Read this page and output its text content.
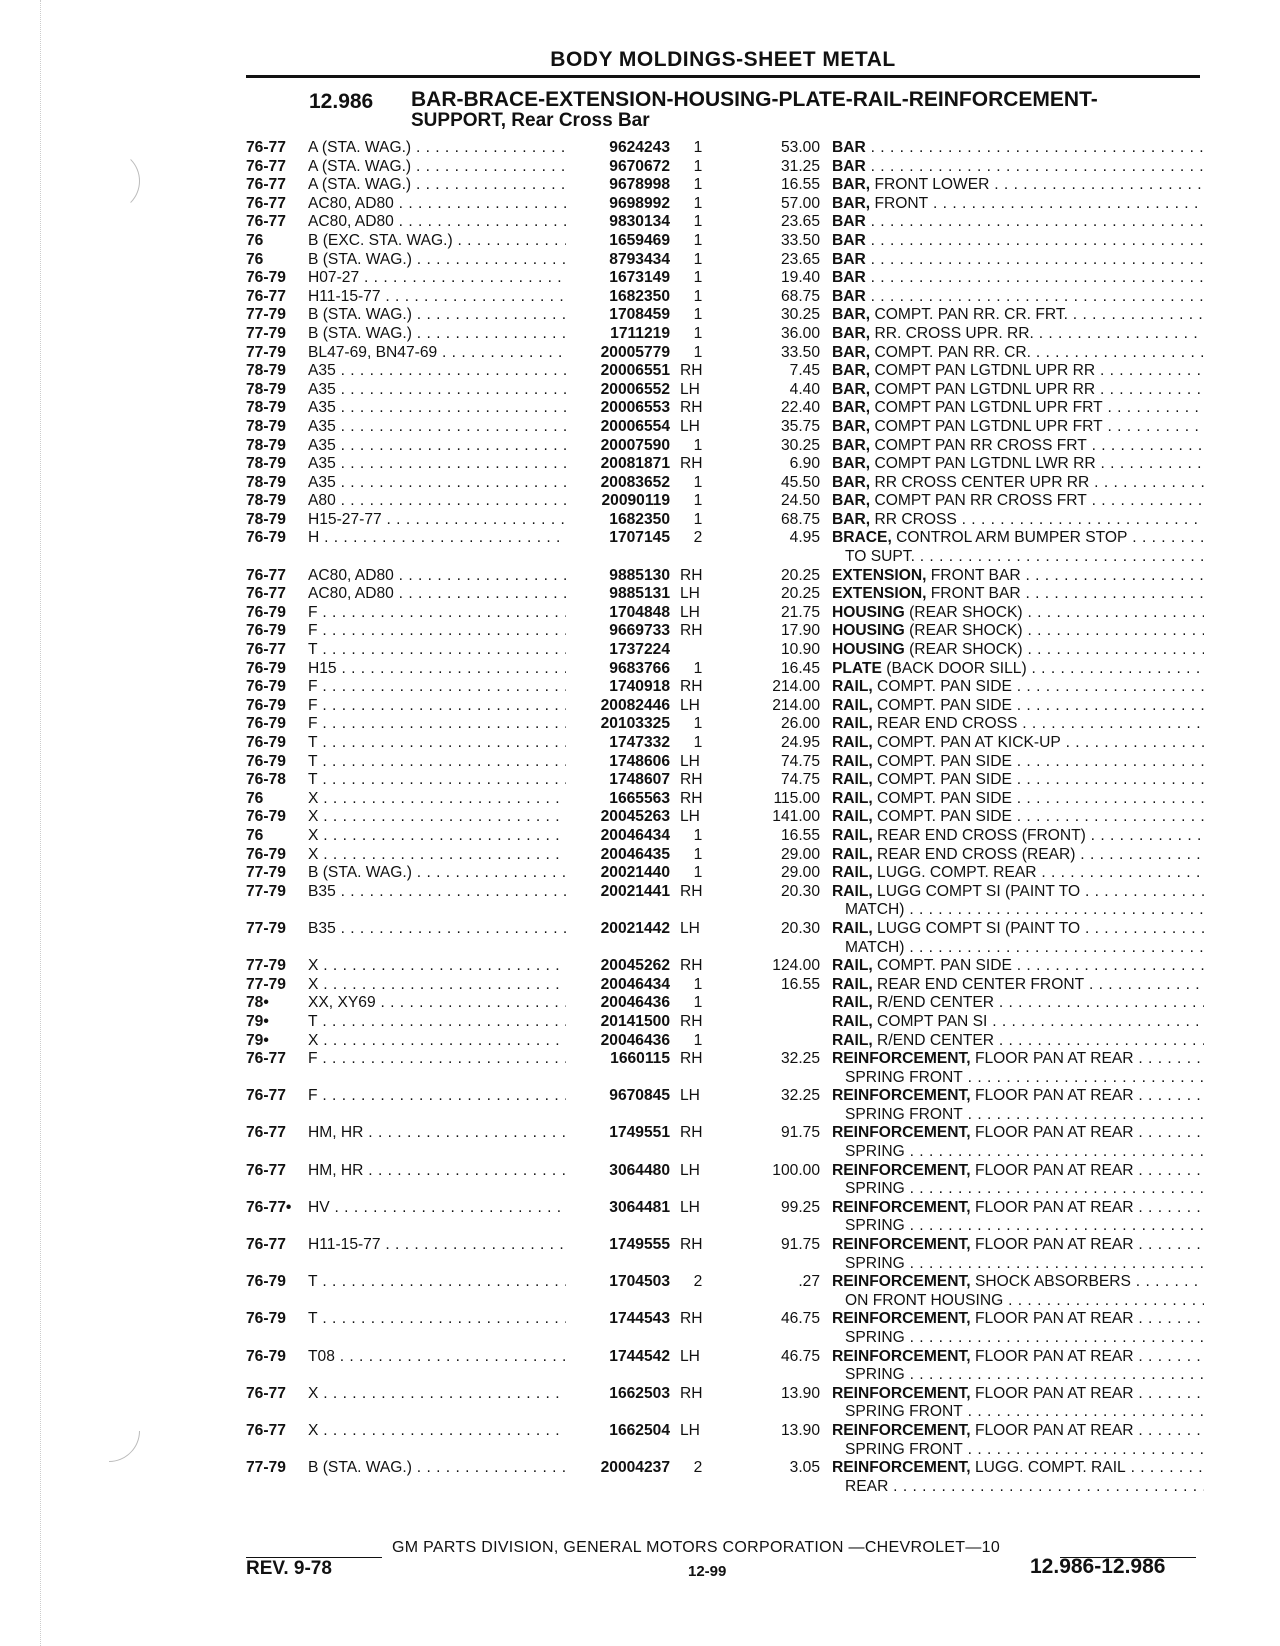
BODY MOLDINGS-SHEET METAL
12.986 BAR-BRACE-EXTENSION-HOUSING-PLATE-RAIL-REINFORCEMENT-
SUPPORT, Rear Cross Bar
76-77 A (STA. WAG.) . . .	9624243	1	53.00 BAR . . .
76-77 A (STA. WAG.) . . .	9670672	1	31.25 BAR . . .
76-77 A (STA. WAG.) . . .	9678998	1	16.55 BAR, FRONT LOWER . . .
76-77 AC80, AD80 . . .	9698992	1	57.00 BAR, FRONT . . .
76-77 AC80, AD80 . . .	9830134	1	23.65 BAR . . .
76	B (EXC. STA. WAG.) . . .	1659469	1	33.50 BAR . . .
76	B (STA. WAG.) . . .	8793434	1	23.65 BAR . . .
76-79 H07-27 . . .	1673149	1	19.40 BAR . . .
76-77 H11-15-77 . . .	1682350	1	68.75 BAR . . .
77-79 B (STA. WAG.) . . .	1708459	1	30.25 BAR, COMPT. PAN RR. CR. FRT. . . .
77-79 B (STA. WAG.) . . .	1711219	1	36.00 BAR, RR. CROSS UPR. RR. . . .
77-79 BL47-69, BN47-69 . . .	20005779	1	33.50 BAR, COMPT. PAN RR. CR. . . .
78-79 A35 . . .	20006551 RH	7.45 BAR, COMPT PAN LGTDNL UPR RR . . .
78-79 A35 . . .	20006552 LH	4.40 BAR, COMPT PAN LGTDNL UPR RR . . .
78-79 A35 . . .	20006553 RH	22.40 BAR, COMPT PAN LGTDNL UPR FRT . . .
78-79 A35 . . .	20006554 LH	35.75 BAR, COMPT PAN LGTDNL UPR FRT . . .
78-79 A35 . . .	20007590	1	30.25 BAR, COMPT PAN RR CROSS FRT . . .
78-79 A35 . . .	20081871 RH	6.90 BAR, COMPT PAN LGTDNL LWR RR . . .
78-79 A35 . . .	20083652	1	45.50 BAR, RR CROSS CENTER UPR RR . . .
78-79 A80 . . .	20090119	1	24.50 BAR, COMPT PAN RR CROSS FRT . . .
78-79 H15-27-77 . . .	1682350	1	68.75 BAR, RR CROSS . . .
76-79 H . . .	1707145	2	4.95 BRACE, CONTROL ARM BUMPER STOP . . .
TO SUPT. . . .
76-77 AC80, AD80 . . .	9885130 RH	20.25 EXTENSION, FRONT BAR . . .
76-77 AC80, AD80 . . .	9885131 LH	20.25 EXTENSION, FRONT BAR . . .
76-79 F . . .	1704848 LH	21.75 HOUSING (REAR SHOCK) . . .
76-79 F . . .	9669733 RH	17.90 HOUSING (REAR SHOCK) . . .
76-77 T . . .	1737224	10.90 HOUSING (REAR SHOCK) . . .
76-79 H15 . . .	9683766	1	16.45 PLATE (BACK DOOR SILL) . . .
76-79 F . . .	1740918 RH	214.00 RAIL, COMPT. PAN SIDE . . .
76-79 F . . .	20082446 LH	214.00 RAIL, COMPT. PAN SIDE . . .
76-79 F . . .	20103325	1	26.00 RAIL, REAR END CROSS . . .
76-79 T . . .	1747332	1	24.95 RAIL, COMPT. PAN AT KICK-UP . . .
76-79 T . . .	1748606 LH	74.75 RAIL, COMPT. PAN SIDE . . .
76-78 T . . .	1748607 RH	74.75 RAIL, COMPT. PAN SIDE . . .
76	X . . .	1665563 RH	115.00 RAIL, COMPT. PAN SIDE . . .
76-79 X . . .	20045263 LH	141.00 RAIL, COMPT. PAN SIDE . . .
76	X . . .	20046434	1	16.55 RAIL, REAR END CROSS (FRONT) . . .
76-79 X . . .	20046435	1	29.00 RAIL, REAR END CROSS (REAR) . . .
77-79 B (STA. WAG.) . . .	20021440	1	29.00 RAIL, LUGG. COMPT. REAR . . .
77-79 B35 . . .	20021441 RH	20.30 RAIL, LUGG COMPT SI (PAINT TO . . .
MATCH) . . .
77-79 B35 . . .	20021442 LH	20.30 RAIL, LUGG COMPT SI (PAINT TO . . .
MATCH) . . .
77-79 X . . .	20045262 RH	124.00 RAIL, COMPT. PAN SIDE . . .
77-79 X . . .	20046434	1	16.55 RAIL, REAR END CENTER FRONT . . .
78•	XX, XY69 . . .	20046436	1	RAIL, R/END CENTER . . .
79•	T . . .	20141500 RH	RAIL, COMPT PAN SI . . .
79•	X . . .	20046436	1	RAIL, R/END CENTER . . .
76-77 F . . .	1660115 RH	32.25 REINFORCEMENT, FLOOR PAN AT REAR . . .
SPRING FRONT . . .
76-77 F . . .	9670845 LH	32.25 REINFORCEMENT, FLOOR PAN AT REAR . . .
SPRING FRONT . . .
76-77 HM, HR . . .	1749551 RH	91.75 REINFORCEMENT, FLOOR PAN AT REAR . . .
SPRING . . .
76-77 HM, HR . . .	3064480 LH	100.00 REINFORCEMENT, FLOOR PAN AT REAR . . .
SPRING . . .
76-77• HV . . .	3064481 LH	99.25 REINFORCEMENT, FLOOR PAN AT REAR . . .
SPRING . . .
76-77 H11-15-77 . . .	1749555 RH	91.75 REINFORCEMENT, FLOOR PAN AT REAR . . .
SPRING . . .
76-79 T . . .	1704503	2	.27 REINFORCEMENT, SHOCK ABSORBERS . . .
ON FRONT HOUSING . . .
76-79 T . . .	1744543 RH	46.75 REINFORCEMENT, FLOOR PAN AT REAR . . .
SPRING . . .
76-79 T08 . . .	1744542 LH	46.75 REINFORCEMENT, FLOOR PAN AT REAR . . .
SPRING . . .
76-77 X . . .	1662503 RH	13.90 REINFORCEMENT, FLOOR PAN AT REAR . . .
SPRING FRONT . . .
76-77 X . . .	1662504 LH	13.90 REINFORCEMENT, FLOOR PAN AT REAR . . .
SPRING FRONT . . .
77-79 B (STA. WAG.) . . .	20004237	2	3.05 REINFORCEMENT, LUGG. COMPT. RAIL . . .
REAR . . .
GM PARTS DIVISION, GENERAL MOTORS CORPORATION —CHEVROLET—10
REV. 9-78	12-99	12.986-12.986
